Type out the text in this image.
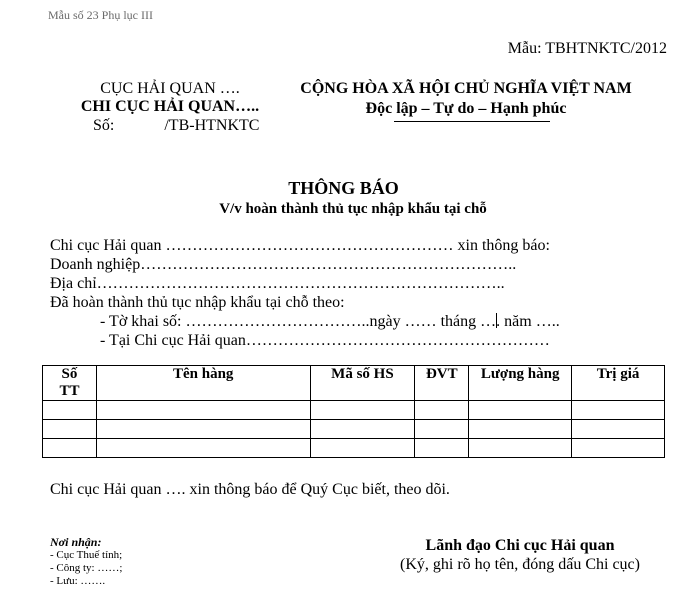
Mẫu số 23 Phụ lục III
Mẫu: TBHTNKTC/2012
CỤC HẢI QUAN ….
CHI CỤC HẢI QUAN…..
Số:	/TB-HTNKTC
CỘNG HÒA XÃ HỘI CHỦ NGHĨA VIỆT NAM
Độc lập – Tự do – Hạnh phúc
THÔNG BÁO
V/v hoàn thành thủ tục nhập khẩu tại chỗ
Chi cục Hải quan ……………………………………………… xin thông báo:
Doanh nghiệp……………………………………………………………..
Địa chỉ…………………………………………………………………..
Đã hoàn thành thủ tục nhập khẩu tại chỗ theo:
- Tờ khai số: ……………………………..ngày …… tháng …. năm …..
- Tại Chi cục Hải quan…………………………………………………
Số
TT	Tên hàng	Mã số HS	ĐVT	Lượng hàng	Trị giá

Chi cục Hải quan …. xin thông báo để Quý Cục biết, theo dõi.
Nơi nhận:
- Cục Thuế tỉnh;
- Công ty: ……;
- Lưu: …….
Lãnh đạo Chi cục Hải quan
(Ký, ghi rõ họ tên, đóng dấu Chi cục)
